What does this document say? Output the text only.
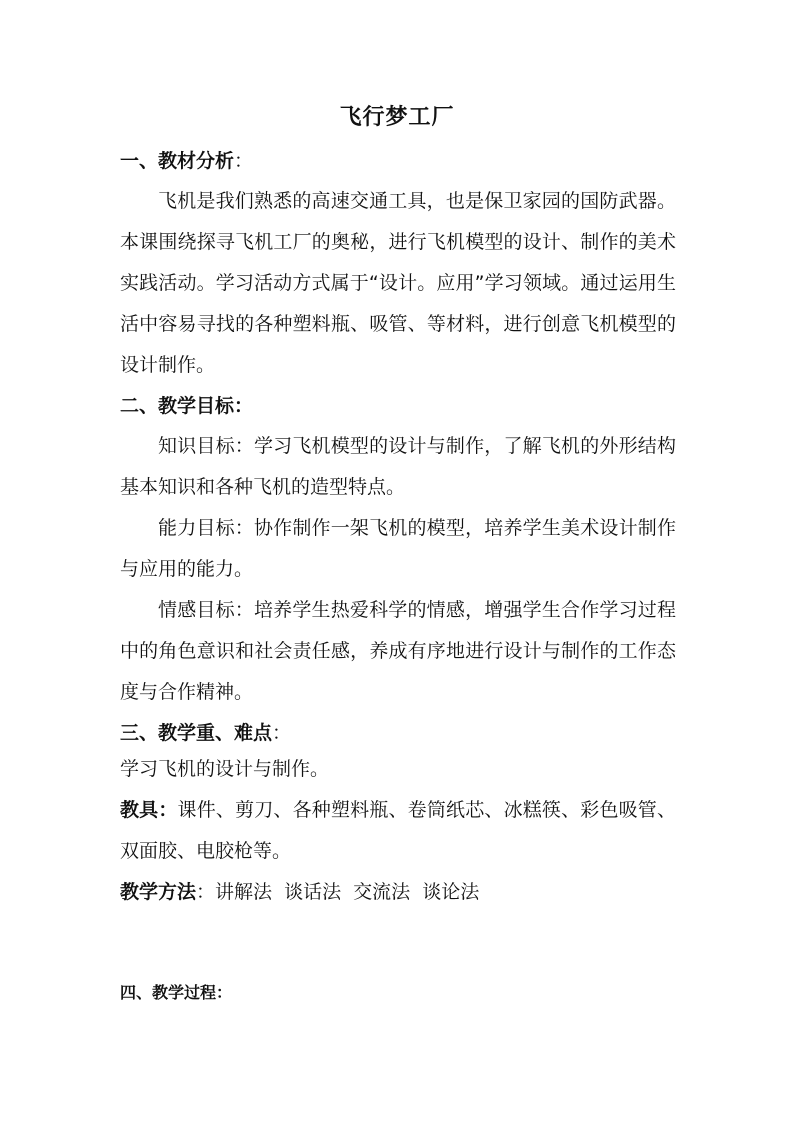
飞行梦工厂

一、教材分析：

飞机是我们熟悉的高速交通工具，也是保卫家园的国防武器。本课围绕探寻飞机工厂的奥秘，进行飞机模型的设计、制作的美术实践活动。学习活动方式属于“设计。应用”学习领域。通过运用生活中容易寻找的各种塑料瓶、吸管、等材料，进行创意飞机模型的设计制作。

二、教学目标：

知识目标：学习飞机模型的设计与制作，了解飞机的外形结构基本知识和各种飞机的造型特点。

能力目标：协作制作一架飞机的模型，培养学生美术设计制作与应用的能力。

情感目标：培养学生热爱科学的情感，增强学生合作学习过程中的角色意识和社会责任感，养成有序地进行设计与制作的工作态度与合作精神。

三、教学重、难点：

学习飞机的设计与制作。

教具：课件、剪刀、各种塑料瓶、卷筒纸芯、冰糕筷、彩色吸管、双面胶、电胶枪等。

教学方法：讲解法  谈话法  交流法  谈论法

四、教学过程：
